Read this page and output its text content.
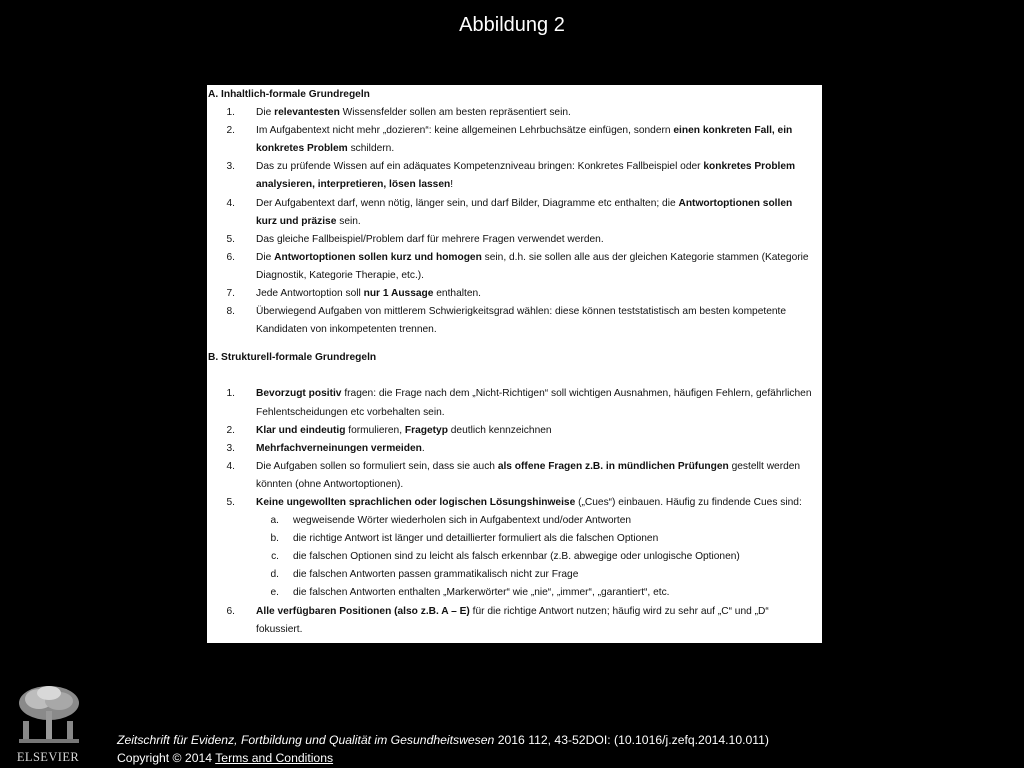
Abbildung 2
A. Inhaltlich-formale Grundregeln
1.	Die relevantesten Wissensfelder sollen am besten repräsentiert sein.
2.	Im Aufgabentext nicht mehr „dozieren“: keine allgemeinen Lehrbuchsätze einfügen, sondern einen konkreten Fall, ein konkretes Problem schildern.
3.	Das zu prüfende Wissen auf ein adäquates Kompetenzniveau bringen: Konkretes Fallbeispiel oder konkretes Problem analysieren, interpretieren, lösen lassen!
4.	Der Aufgabentext darf, wenn nötig, länger sein, und darf Bilder, Diagramme etc enthalten; die Antwortoptionen sollen kurz und präzise sein.
5.	Das gleiche Fallbeispiel/Problem darf für mehrere Fragen verwendet werden.
6.	Die Antwortoptionen sollen kurz und homogen sein, d.h. sie sollen alle aus der gleichen Kategorie stammen (Kategorie Diagnostik, Kategorie Therapie, etc.).
7.	Jede Antwortoption soll nur 1 Aussage enthalten.
8.	Überwiegend Aufgaben von mittlerem Schwierigkeitsgrad wählen: diese können teststatistisch am besten kompetente Kandidaten von inkompetenten trennen.
B. Strukturell-formale Grundregeln
1.	Bevorzugt positiv fragen: die Frage nach dem „Nicht-Richtigen“ soll wichtigen Ausnahmen, häufigen Fehlern, gefährlichen Fehlentscheidungen etc vorbehalten sein.
2.	Klar und eindeutig formulieren, Fragetyp deutlich kennzeichnen
3.	Mehrfachverneinungen vermeiden.
4.	Die Aufgaben sollen so formuliert sein, dass sie auch als offene Fragen z.B. in mündlichen Prüfungen gestellt werden könnten (ohne Antwortoptionen).
5.	Keine ungewollten sprachlichen oder logischen Lösungshinweise („Cues“) einbauen. Häufig zu findende Cues sind:
a.	wegweisende Wörter wiederholen sich in Aufgabentext und/oder Antworten
b.	die richtige Antwort ist länger und detaillierter formuliert als die falschen Optionen
c.	die falschen Optionen sind zu leicht als falsch erkennbar (z.B. abwegige oder unlogische Optionen)
d.	die falschen Antworten passen grammatikalisch nicht zur Frage
e.	die falschen Antworten enthalten „Markerwörter“ wie „nie“, „immer“, „garantiert“, etc.
6.	Alle verfügbaren Positionen (also z.B. A – E) für die richtige Antwort nutzen; häufig wird zu sehr auf „C“ und „D“ fokussiert.
ELSEVIER
Zeitschrift für Evidenz, Fortbildung und Qualität im Gesundheitswesen 2016 112, 43-52DOI: (10.1016/j.zefq.2014.10.011)
Copyright © 2014 Terms and Conditions
